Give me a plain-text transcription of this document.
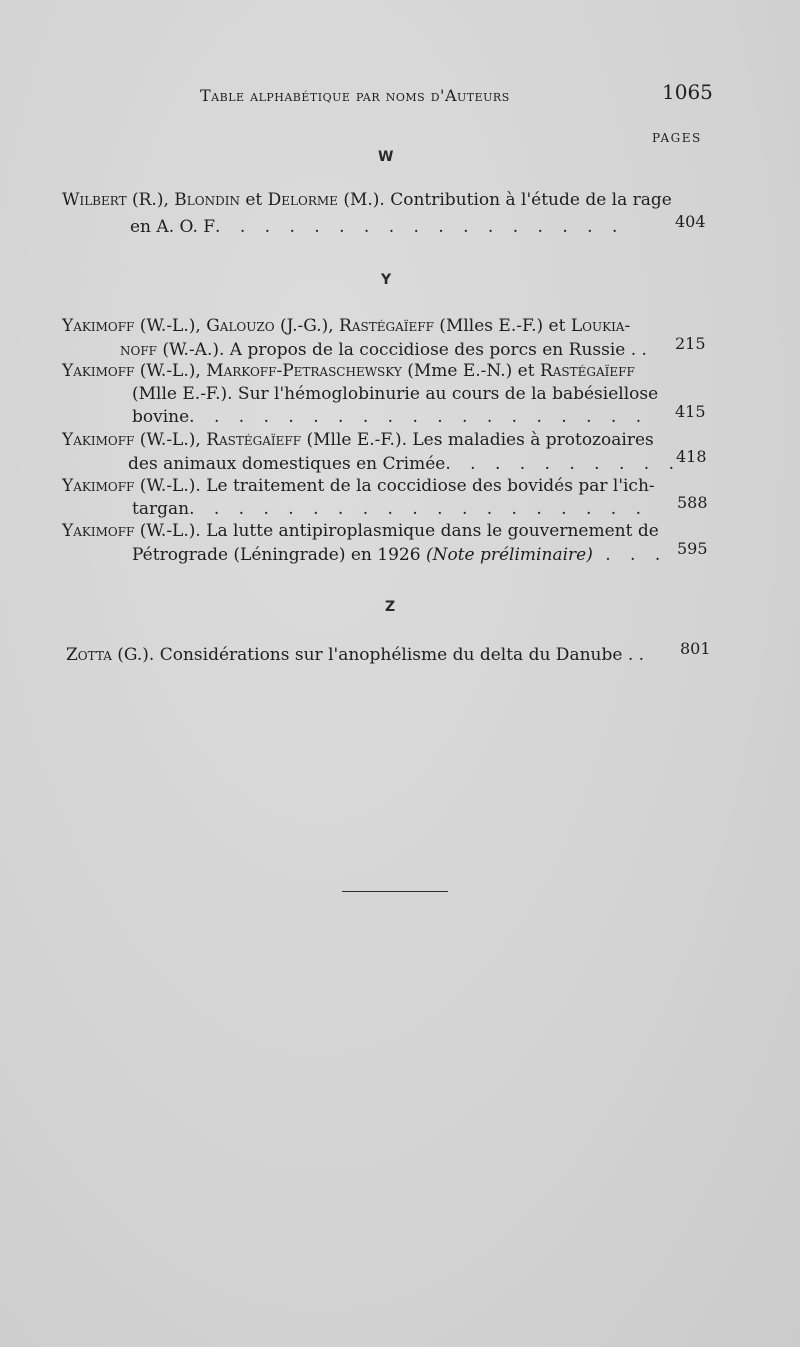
Table alphabétique par noms d'Auteurs	1065
PAGES
W
Wilbert (R.), Blondin et Delorme (M.). Contribution à l'étude de la rage
en A. O. F. . . . . . . . . . . . . . . . .	404
Y
Yakimoff (W.-L.), Galouzo (J.-G.), Rastégaïeff (Mlles E.-F.) et Loukia-
noff (W.-A.). A propos de la coccidiose des porcs en Russie . . 215
Yakimoff (W.-L.), Markoff-Petraschewsky (Mme E.-N.) et Rastégaïeff
(Mlle E.-F.). Sur l'hémoglobinurie au cours de la babésiellose
bovine. . . . . . . . . . . . . . . . . . . 415
Yakimoff (W.-L.), Rastégaïeff (Mlle E.-F.). Les maladies à protozoaires
des animaux domestiques en Crimée. . . . . . . . . .
418
Yakimoff (W.-L.). Le traitement de la coccidiose des bovidés par l'ich-
targan. . . . . . . . . . . . . . . . . . . 588
Yakimoff (W.-L.). La lutte antipiroplasmique dans le gouvernement de
Pétrograde (Léningrade) en 1926 (Note préliminaire) . . . 595
Z
Zotta (G.). Considérations sur l'anophélisme du delta du Danube . . 801
